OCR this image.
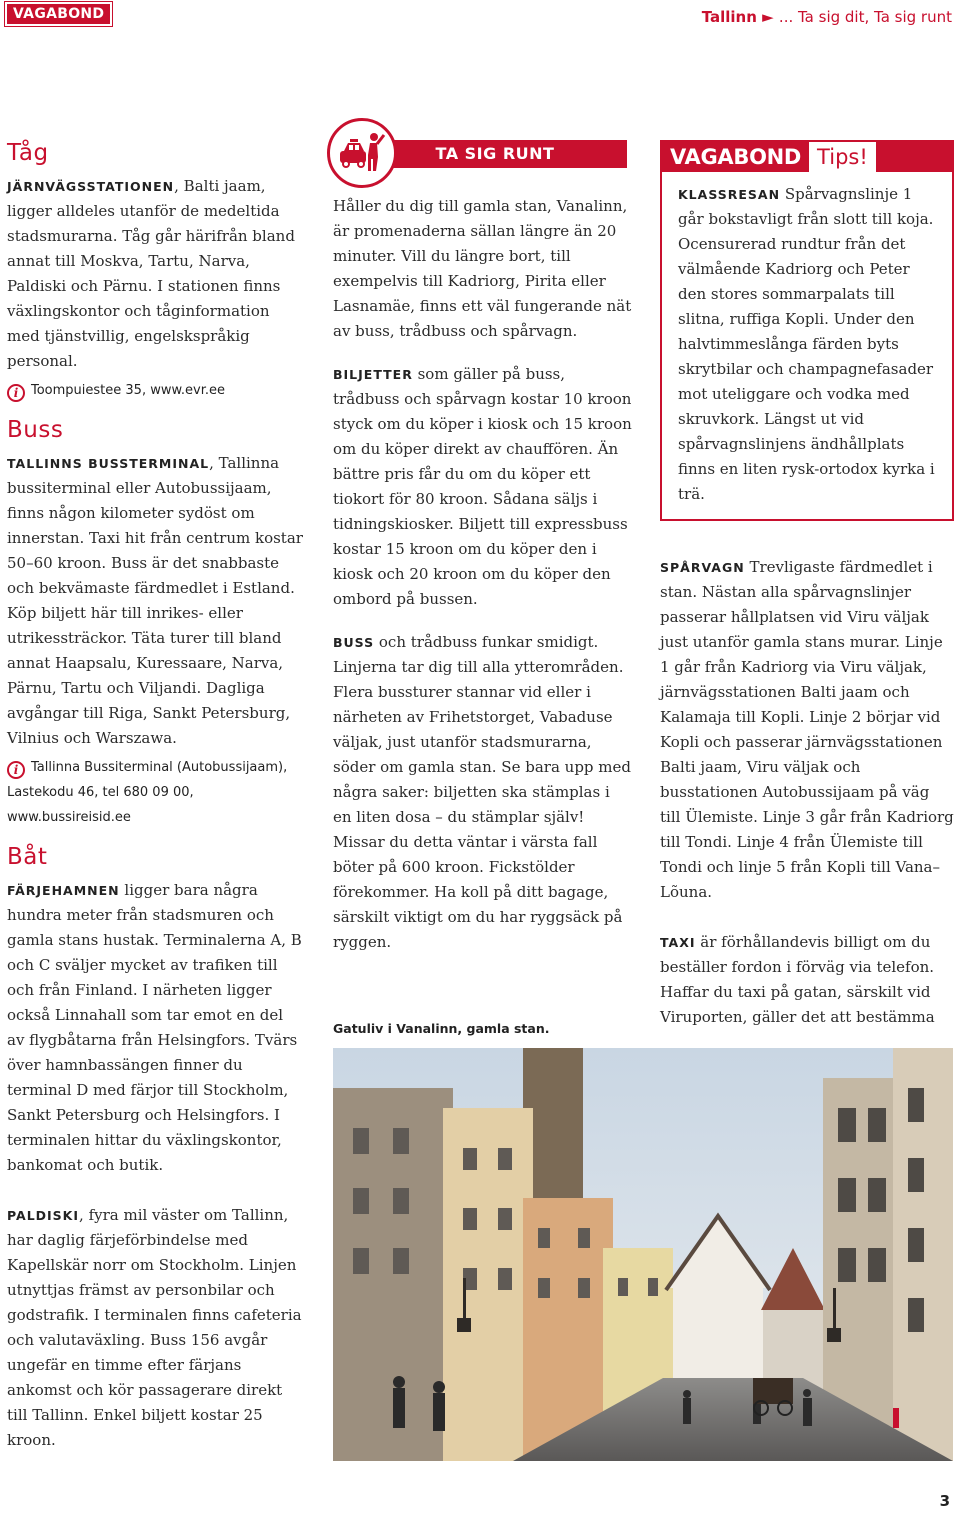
VAGABOND	Tallinn ► ... Ta sig dit, Ta sig runt
Tåg

JÄRNVÄGSSTATIONEN, Balti jaam, ligger alldeles utanför de medeltida stadsmurarna. Tåg går härifrån bland annat till Moskva, Tartu, Narva, Paldiski och Pärnu. I stationen finns växlingskontor och tåginformation med tjänstvillig, engelskspråkig personal.

i Toompuiestee 35, www.evr.ee
Buss

TALLINNS BUSSTERMINAL, Tallinna bussiterminal eller Autobussijaam, finns någon kilometer sydöst om innerstan. Taxi hit från centrum kostar 50–60 kroon. Buss är det snabbaste och bekvämaste färdmedlet i Estland. Köp biljett här till inrikes- eller utrikessträckor. Täta turer till bland annat Haapsalu, Kuressaare, Narva, Pärnu, Tartu och Viljandi. Dagliga avgångar till Riga, Sankt Petersburg, Vilnius och Warszawa.

i Tallinna Bussiterminal (Autobussijaam), Lastekodu 46, tel 680 09 00, www.bussireisid.ee
Båt

FÄRJEHAMNEN ligger bara några hundra meter från stadsmuren och gamla stans hustak. Terminalerna A, B och C sväljer mycket av trafiken till och från Finland. I närheten ligger också Linnahall som tar emot en del av flygbåtarna från Helsingfors. Tvärs över hamnbassängen finner du terminal D med färjor till Stockholm, Sankt Petersburg och Helsingfors. I terminalen hittar du växlingskontor, bankomat och butik.

PALDISKI, fyra mil väster om Tallinn, har daglig färjeförbindelse med Kapellskär norr om Stockholm. Linjen utnyttjas främst av personbilar och godstrafik. I terminalen finns cafeteria och valutaväxling. Buss 156 avgår ungefär en timme efter färjans ankomst och kör passagerare direkt till Tallinn. Enkel biljett kostar 25 kroon.

TA SIG RUNT

Håller du dig till gamla stan, Vanalinn, är promenaderna sällan längre än 20 minuter. Vill du längre bort, till exempelvis till Kadriorg, Pirita eller Lasnamäe, finns ett väl fungerande nät av buss, trådbuss och spårvagn.

BILJETTER som gäller på buss, trådbuss och spårvagn kostar 10 kroon styck om du köper i kiosk och 15 kroon om du köper direkt av chauffören. Än bättre pris får du om du köper ett tiokort för 80 kroon. Sådana säljs i tidningskiosker. Biljett till expressbuss kostar 15 kroon om du köper den i kiosk och 20 kroon om du köper den ombord på bussen.

BUSS och trådbuss funkar smidigt. Linjerna tar dig till alla ytterområden. Flera bussturer stannar vid eller i närheten av Frihetstorget, Vabaduse väljak, just utanför stadsmurarna, söder om gamla stan. Se bara upp med några saker: biljetten ska stämplas i en liten dosa – du stämplar själv! Missar du detta väntar i värsta fall böter på 600 kroon. Fickstölder förekommer. Ha koll på ditt bagage, särskilt viktigt om du har ryggsäck på ryggen.

VAGABOND Tips!

KLASSRESAN Spårvagnslinje 1 går bokstavligt från slott till koja. Ocensurerad rundtur från det välmående Kadriorg och Peter den stores sommarpalats till slitna, ruffiga Kopli. Under den halvtimmeslånga färden byts skrytbilar och champagnefasader mot uteliggare och vodka med skruvkork. Längst ut vid spårvagnslinjens ändhållplats finns en liten rysk-ortodox kyrka i trä.

SPÅRVAGN Trevligaste färdmedlet i stan. Nästan alla spårvagnslinjer passerar hållplatsen vid Viru väljak just utanför gamla stans murar. Linje 1 går från Kadriorg via Viru väljak, järnvägsstationen Balti jaam och Kalamaja till Kopli. Linje 2 börjar vid Kopli och passerar järnvägsstationen Balti jaam, Viru väljak och busstationen Autobussijaam på väg till Ülemiste. Linje 3 går från Kadriorg till Tondi. Linje 4 från Ülemiste till Tondi och linje 5 från Kopli till Vana–Lõuna.

TAXI är förhållandevis billigt om du beställer fordon i förväg via telefon. Haffar du taxi på gatan, särskilt vid Viruporten, gäller det att bestämma

Gatuliv i Vanalinn, gamla stan.
3
